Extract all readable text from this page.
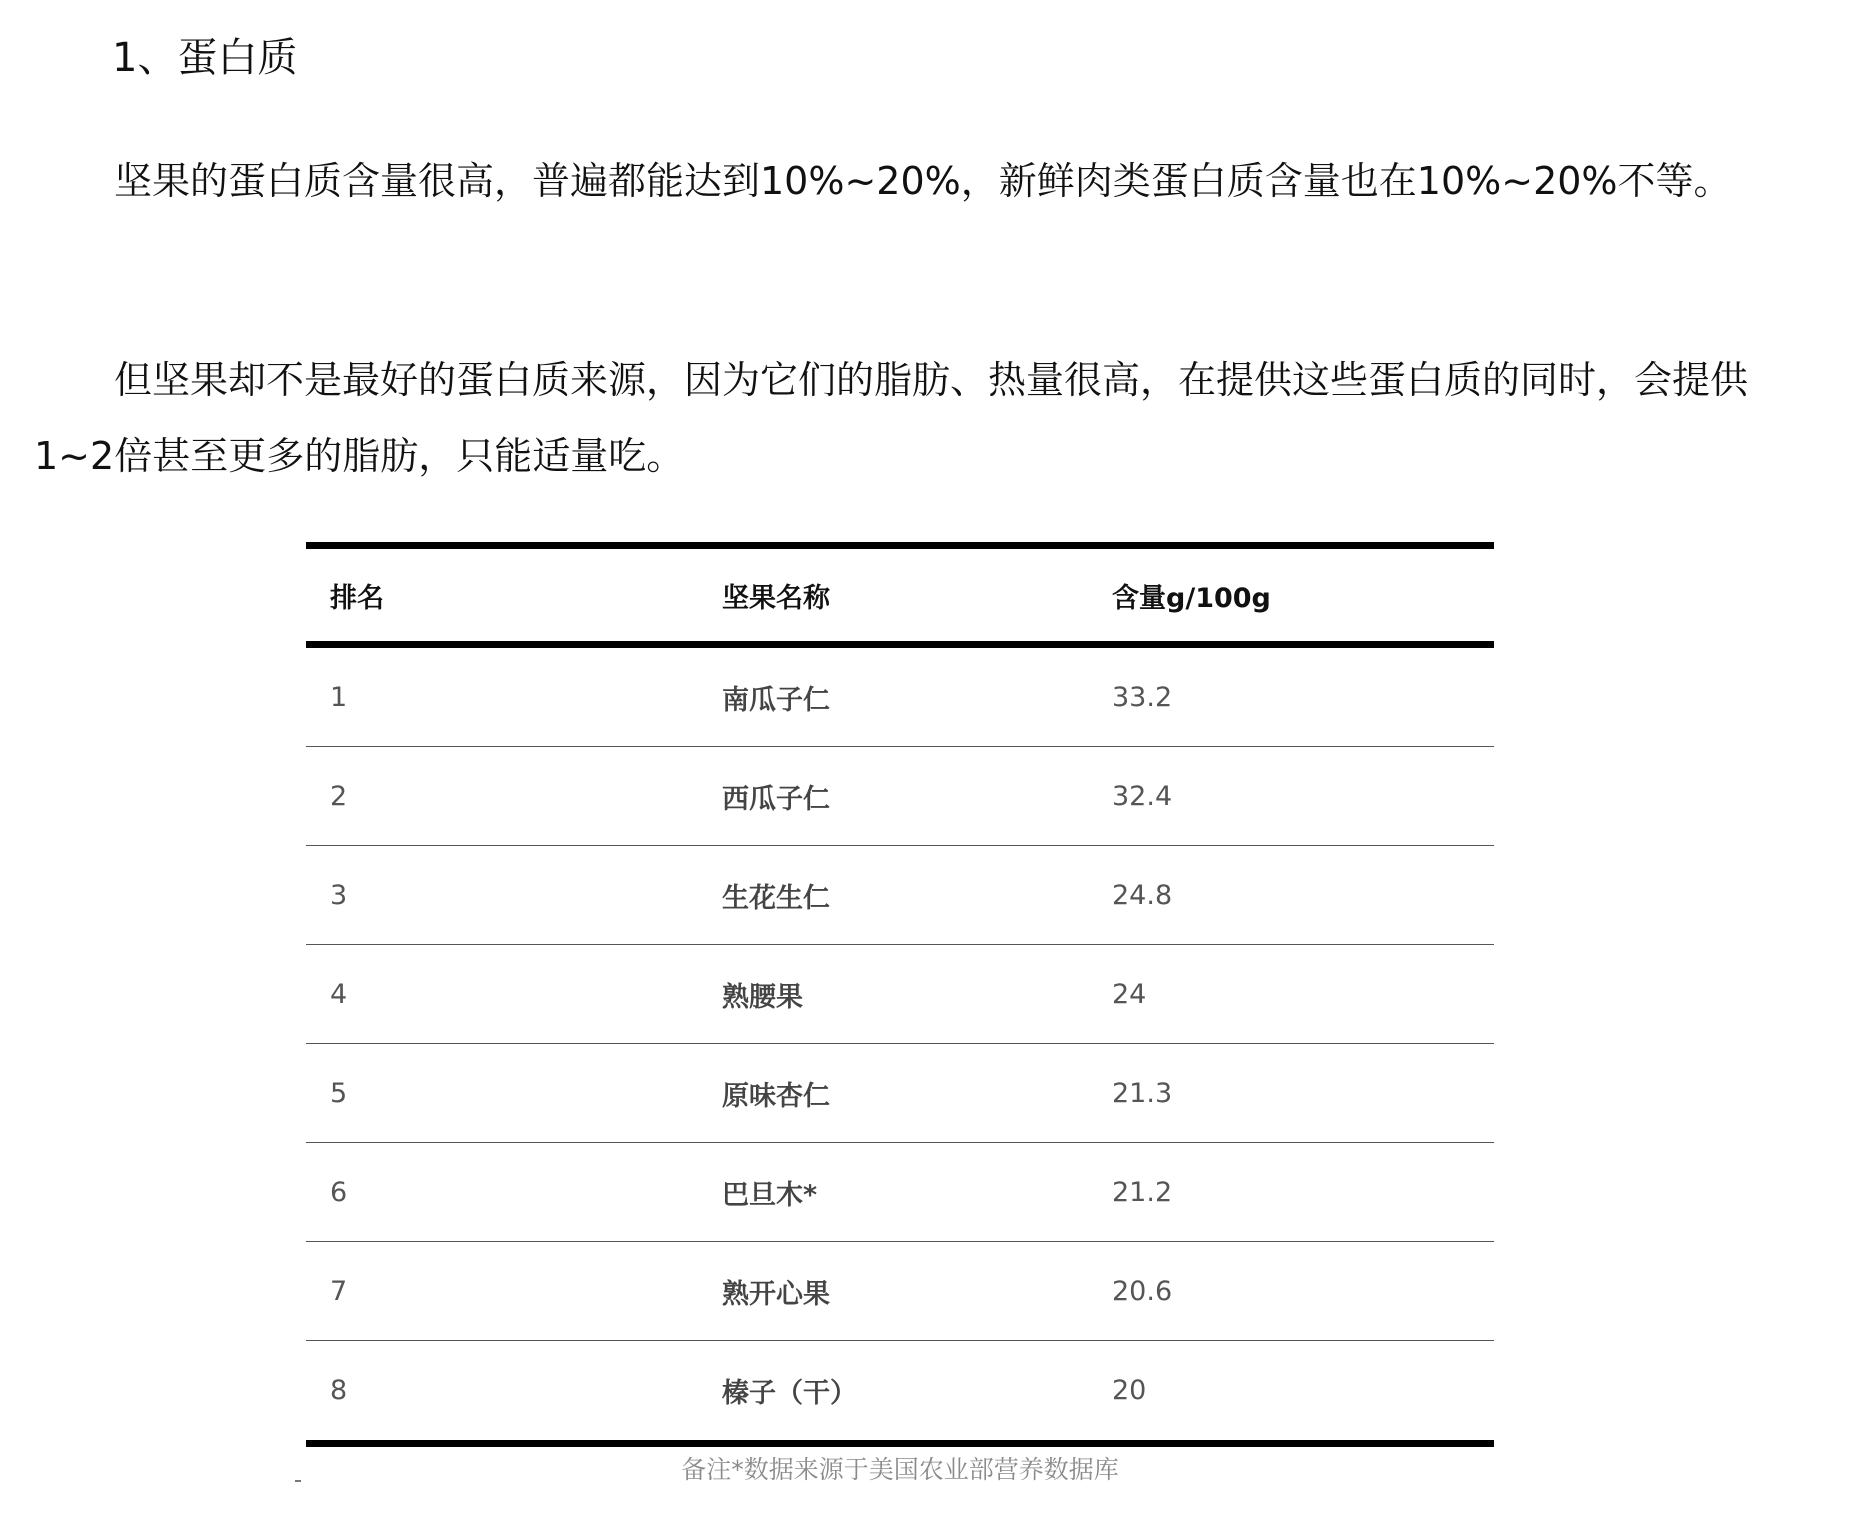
1、蛋白质

坚果的蛋白质含量很高，普遍都能达到10%~20%，新鲜肉类蛋白质含量也在10%~20%不等。

但坚果却不是最好的蛋白质来源，因为它们的脂肪、热量很高，在提供这些蛋白质的同时，会提供1~2倍甚至更多的脂肪，只能适量吃。

排名	坚果名称	含量g/100g
1	南瓜子仁	33.2
2	西瓜子仁	32.4
3	生花生仁	24.8
4	熟腰果	24
5	原味杏仁	21.3
6	巴旦木*	21.2
7	熟开心果	20.6
8	榛子（干）	20
备注*数据来源于美国农业部营养数据库
